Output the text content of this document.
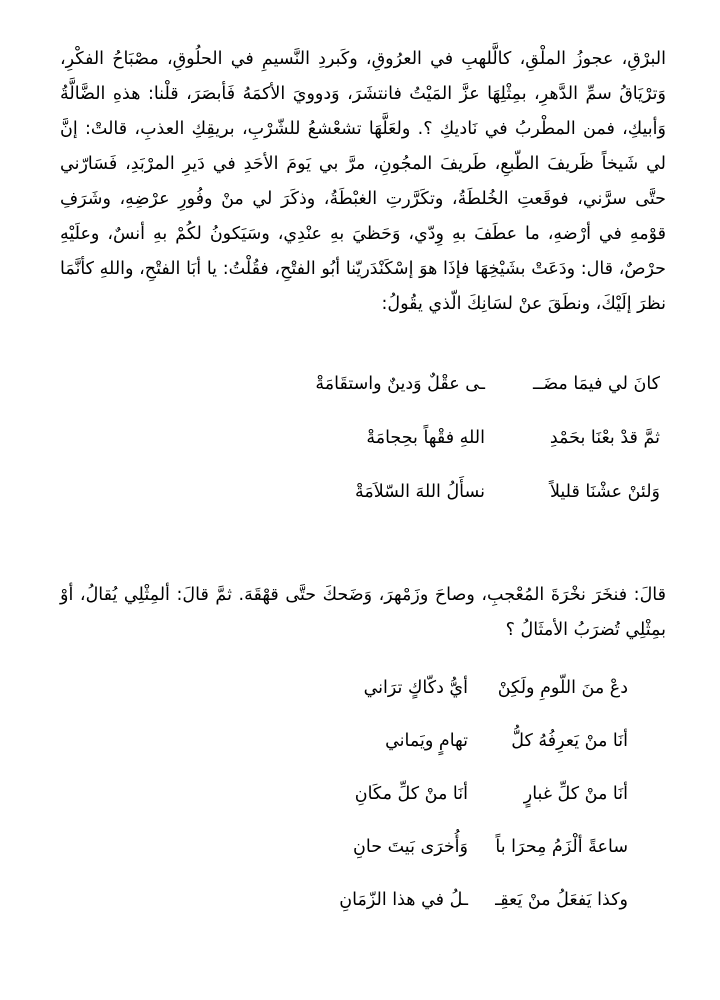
البرْقِ، عجوزُ الملْقِ، كالَّلهبِ في العرُوقِ، وكَبردِ النَّسيمِ في الحلُوقِ، مصْبَاحُ الفكْرِ، وَترْيَاقُ سمِّ الدَّهرِ، بمِثْلِهَا عزَّ المَيْتُ فانتشَرَ، وَدوويَ الأكمَهُ فَأبصَرَ، قلْنا: هذهِ الضَّالَّةُ وَأبيكِ، فمن المطْربُ في نَاديكِ ؟. ولعَلَّهَا تشعْشعُ للشّرْبِ، بريقِكِ العذبِ، قالتْ: إنَّ لي شَيخاً ظَريفَ الطّبعِ، طَريفَ المجُونِ، مرَّ بي يَومَ الأحَدِ في دَيرِ المرْبَدِ، فَسَارّني حتَّى سرَّني، فوقَعتِ الخُلطَةُ، وتكَرَّرتِ الغبْطَةُ، وذكَرَ لي منْ وفُورِ عرْضِهِ، وشَرَفِ قوْمهِ في أرْضهِ، ما عطَفَ بهِ وِدّي، وَحَظيَ بهِ عنْدِي، وسَيَكونُ لكُمْ بهِ أنسٌ، وعلَيْهِ حرْصٌ، قال: ودَعَتْ بشَيْخِهَا فإذَا هوَ إسْكَنْدَريّنا أبُو الفتْحِ، فقُلْتُ: يا أبَا الفتْحِ، واللهِ كأنَّمَا نظرَ إلَيْكَ، ونطَقَ عنْ لسَانِكَ الّذي يقُولُ:

كانَ لي فيمَا مضَــ
ـى عقْلٌ وَدينٌ واستقَامَةْ
ثمَّ قدْ بعْنَا بحَمْدِ
اللهِ فقْهاً بحِجامَةْ
وَلئنْ عشْنَا قليلاً
نسأَلُ اللهَ السّلاَمَةْ

قالَ: فنخَرَ نخْرَةَ المُعْجبِ، وصاحَ وزَمْهرَ، وَضَحكَ حتَّى قهْقَهَ. ثمَّ قالَ: ألمِثْلِي يُقالُ، أوْ بمِثْلِي تُضرَبُ الأمثَالُ ؟

دعْ منَ اللّومِ ولَكِنْ
أيُّ دكّاكٍ ترَاني
أنَا منْ يَعرِفُهُ كلُّ
تهامٍ ويَماني
أنَا منْ كلِّ غبارٍ
أنَا منْ كلِّ مكَانِ
ساعةً ألْزَمُ مِحرَا باً
وَأُخرَى بَيتَ حانِ
وكذا يَفعَلُ منْ يَعقِـ
ـلُ في هذا الزّمَانِ
